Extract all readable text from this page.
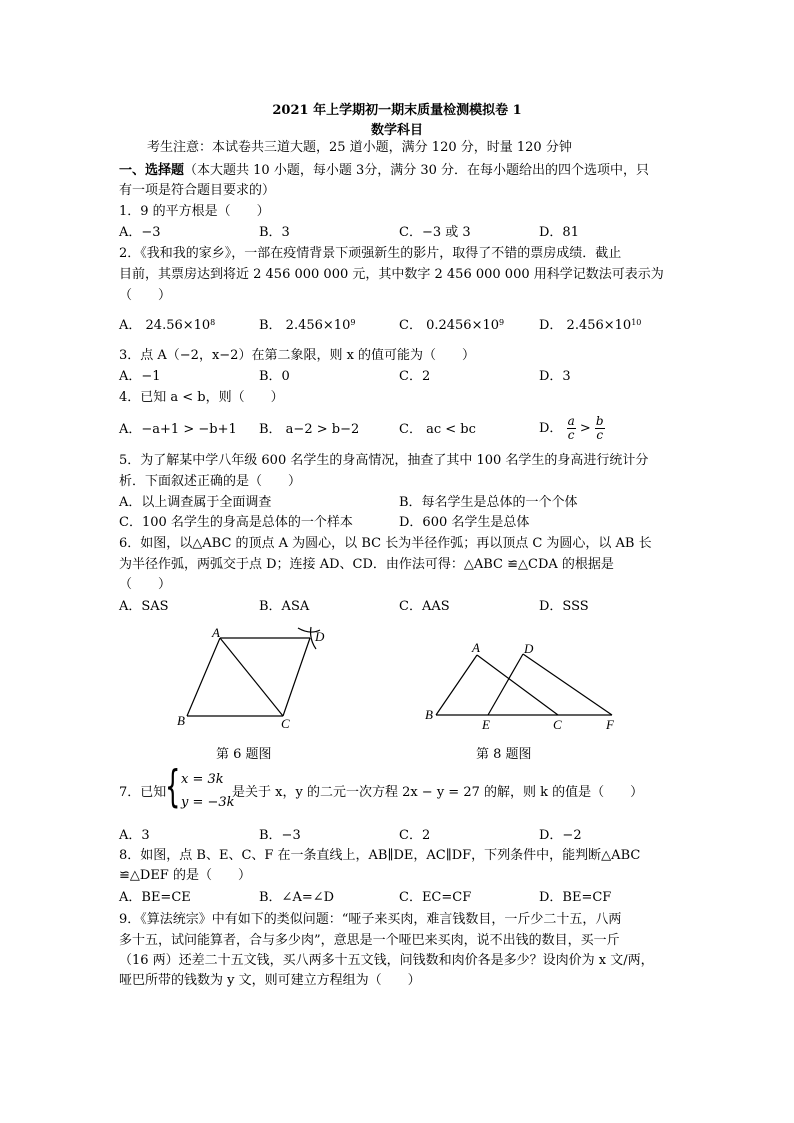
2021 年上学期初一期末质量检测模拟卷 1
数学科目
考生注意：本试卷共三道大题，25 道小题，满分 120 分，时量 120 分钟
一、选择题（本大题共 10 小题，每小题 3分，满分 30 分．在每小题给出的四个选项中，只
有一项是符合题目要求的）
1．9 的平方根是（　　）
A．−3	B．3	C．−3 或 3	D．81
2．《我和我的家乡》，一部在疫情背景下顽强新生的影片，取得了不错的票房成绩．截止
目前，其票房达到将近 2 456 000 000 元，其中数字 2 456 000 000 用科学记数法可表示为
（　　）
A． $24.56\times 10^8$	B． $2.456\times 10^9$	C． $0.2456\times 10^9$	D． $2.456\times 10^{10}$
3．点 A（−2，x−2）在第二象限，则 x 的值可能为（　　）
A．−1	B．0	C．2	D．3
4．已知 a < b，则（　　）
A．−a+1 > −b+1 B． a−2 > b−2	C． ac < bc	D． $\frac{a}{c} > \frac{b}{c}$
5．为了解某中学八年级 600 名学生的身高情况，抽查了其中 100 名学生的身高进行统计分
析．下面叙述正确的是（　　）
A．以上调查属于全面调查	B．每名学生是总体的一个个体
C．100 名学生的身高是总体的一个样本	D．600 名学生是总体
6．如图，以△ABC 的顶点 A 为圆心，以 BC 长为半径作弧；再以顶点 C 为圆心，以 AB 长
为半径作弧，两弧交于点 D；连接 AD、CD．由作法可得：△ABC ≌△CDA 的根据是
（　　）
A．SAS	B．ASA	C．AAS	D．SSS
A
B	C
D
第 6 题图
A	D
B
E	C	F
第 8 题图
7．已知
{ x = 3k
y = −3k
是关于 x，y 的二元一次方程 2x − y = 27 的解，则 k 的值是（　　）
A．3	B．−3	C．2	D．−2
8．如图，点 B、E、C、F 在一条直线上，AB∥DE，AC∥DF，下列条件中，能判断△ABC
≌△DEF 的是（　　）
A．BE=CE	B．∠A=∠D	C．EC=CF	D．BE=CF
9．《算法统宗》中有如下的类似问题：“哑子来买肉，难言钱数目，一斤少二十五，八两
多十五，试问能算者，合与多少肉”，意思是一个哑巴来买肉，说不出钱的数目，买一斤
（16 两）还差二十五文钱，买八两多十五文钱，问钱数和肉价各是多少？设肉价为 x 文/两，
哑巴所带的钱数为 y 文，则可建立方程组为（　　）
